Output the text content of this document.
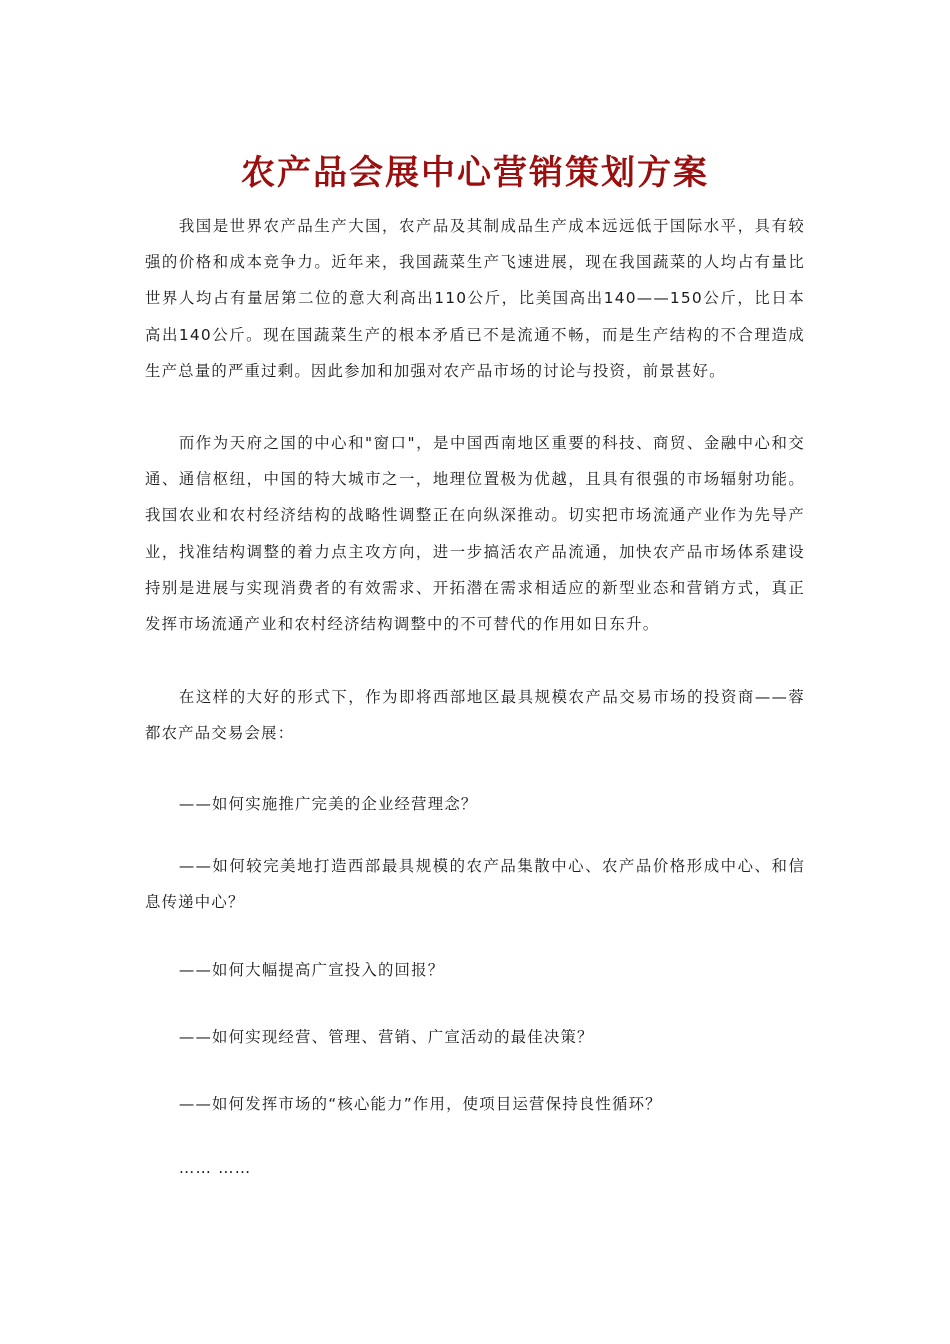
农产品会展中心营销策划方案

我国是世界农产品生产大国，农产品及其制成品生产成本远远低于国际水平，具有较强的价格和成本竞争力。近年来，我国蔬菜生产飞速进展，现在我国蔬菜的人均占有量比世界人均占有量居第二位的意大利高出110公斤，比美国高出140——150公斤，比日本高出140公斤。现在国蔬菜生产的根本矛盾已不是流通不畅，而是生产结构的不合理造成生产总量的严重过剩。因此参加和加强对农产品市场的讨论与投资，前景甚好。

而作为天府之国的中心和"窗口"，是中国西南地区重要的科技、商贸、金融中心和交通、通信枢纽，中国的特大城市之一，地理位置极为优越，且具有很强的市场辐射功能。我国农业和农村经济结构的战略性调整正在向纵深推动。切实把市场流通产业作为先导产业，找准结构调整的着力点主攻方向，进一步搞活农产品流通，加快农产品市场体系建设持别是进展与实现消费者的有效需求、开拓潜在需求相适应的新型业态和营销方式，真正发挥市场流通产业和农村经济结构调整中的不可替代的作用如日东升。

在这样的大好的形式下，作为即将西部地区最具规模农产品交易市场的投资商——蓉都农产品交易会展：

——如何实施推广完美的企业经营理念？

——如何较完美地打造西部最具规模的农产品集散中心、农产品价格形成中心、和信息传递中心？

——如何大幅提高广宣投入的回报？

——如何实现经营、管理、营销、广宣活动的最佳决策？

——如何发挥市场的“核心能力”作用，使项目运营保持良性循环？

…… ……
